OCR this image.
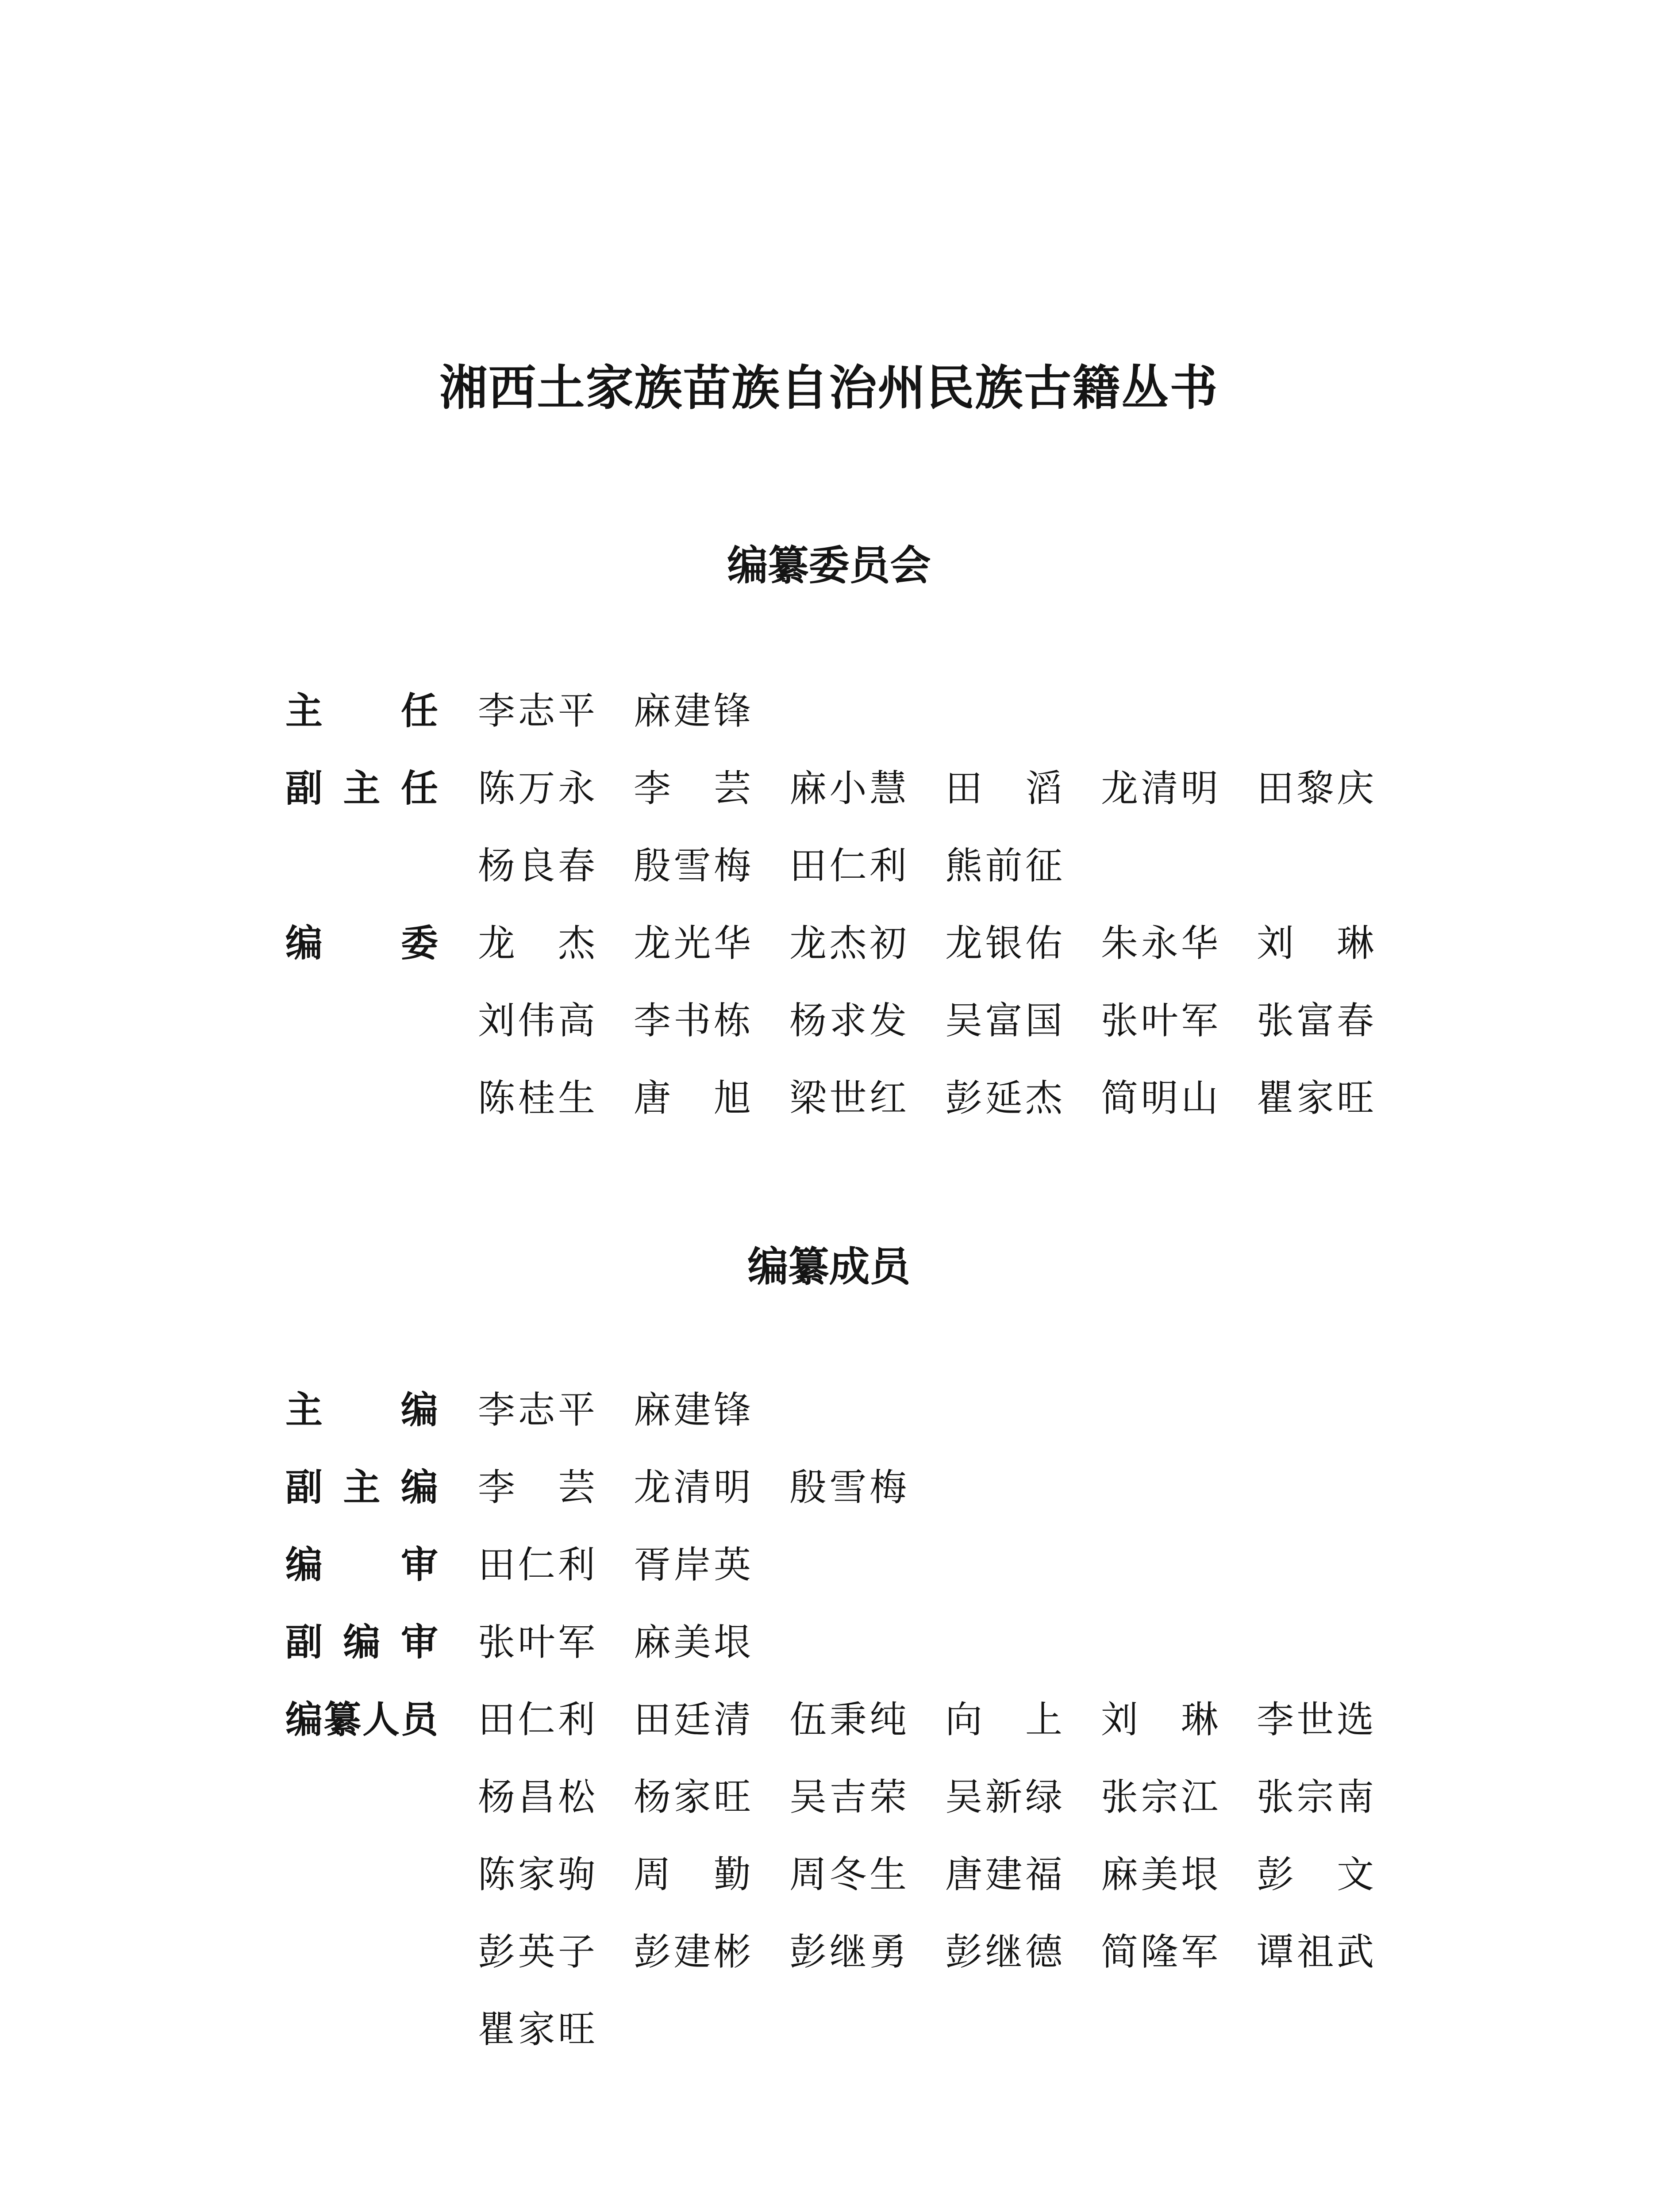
湘西土家族苗族自治州民族古籍丛书
编纂委员会
主 任 李 志 平 麻 建 锋
副 主 任 陈 万 永 李 芸 麻 小 慧 田 滔 龙 清 明 田 黎 庆
杨 良 春 殷 雪 梅 田 仁 利 熊 前 征
编 委 龙 杰 龙 光 华 龙 杰 初 龙 银 佑 朱 永 华 刘 琳
刘 伟 高 李 书 栋 杨 求 发 吴 富 国 张 叶 军 张 富 春
陈 桂 生 唐 旭 梁 世 红 彭 延 杰 简 明 山 瞿 家 旺
编纂成员
主 编 李 志 平 麻 建 锋
副 主 编 李 芸 龙 清 明 殷 雪 梅
编 审 田 仁 利 胥 岸 英
副 编 审 张 叶 军 麻 美 垠
编 纂 人 员 田 仁 利 田 廷 清 伍 秉 纯 向 上 刘 琳 李 世 选
杨 昌 松 杨 家 旺 吴 吉 荣 吴 新 绿 张 宗 江 张 宗 南
陈 家 驹 周 勤 周 冬 生 唐 建 福 麻 美 垠 彭 文
彭 英 子 彭 建 彬 彭 继 勇 彭 继 德 简 隆 军 谭 祖 武
瞿 家 旺
